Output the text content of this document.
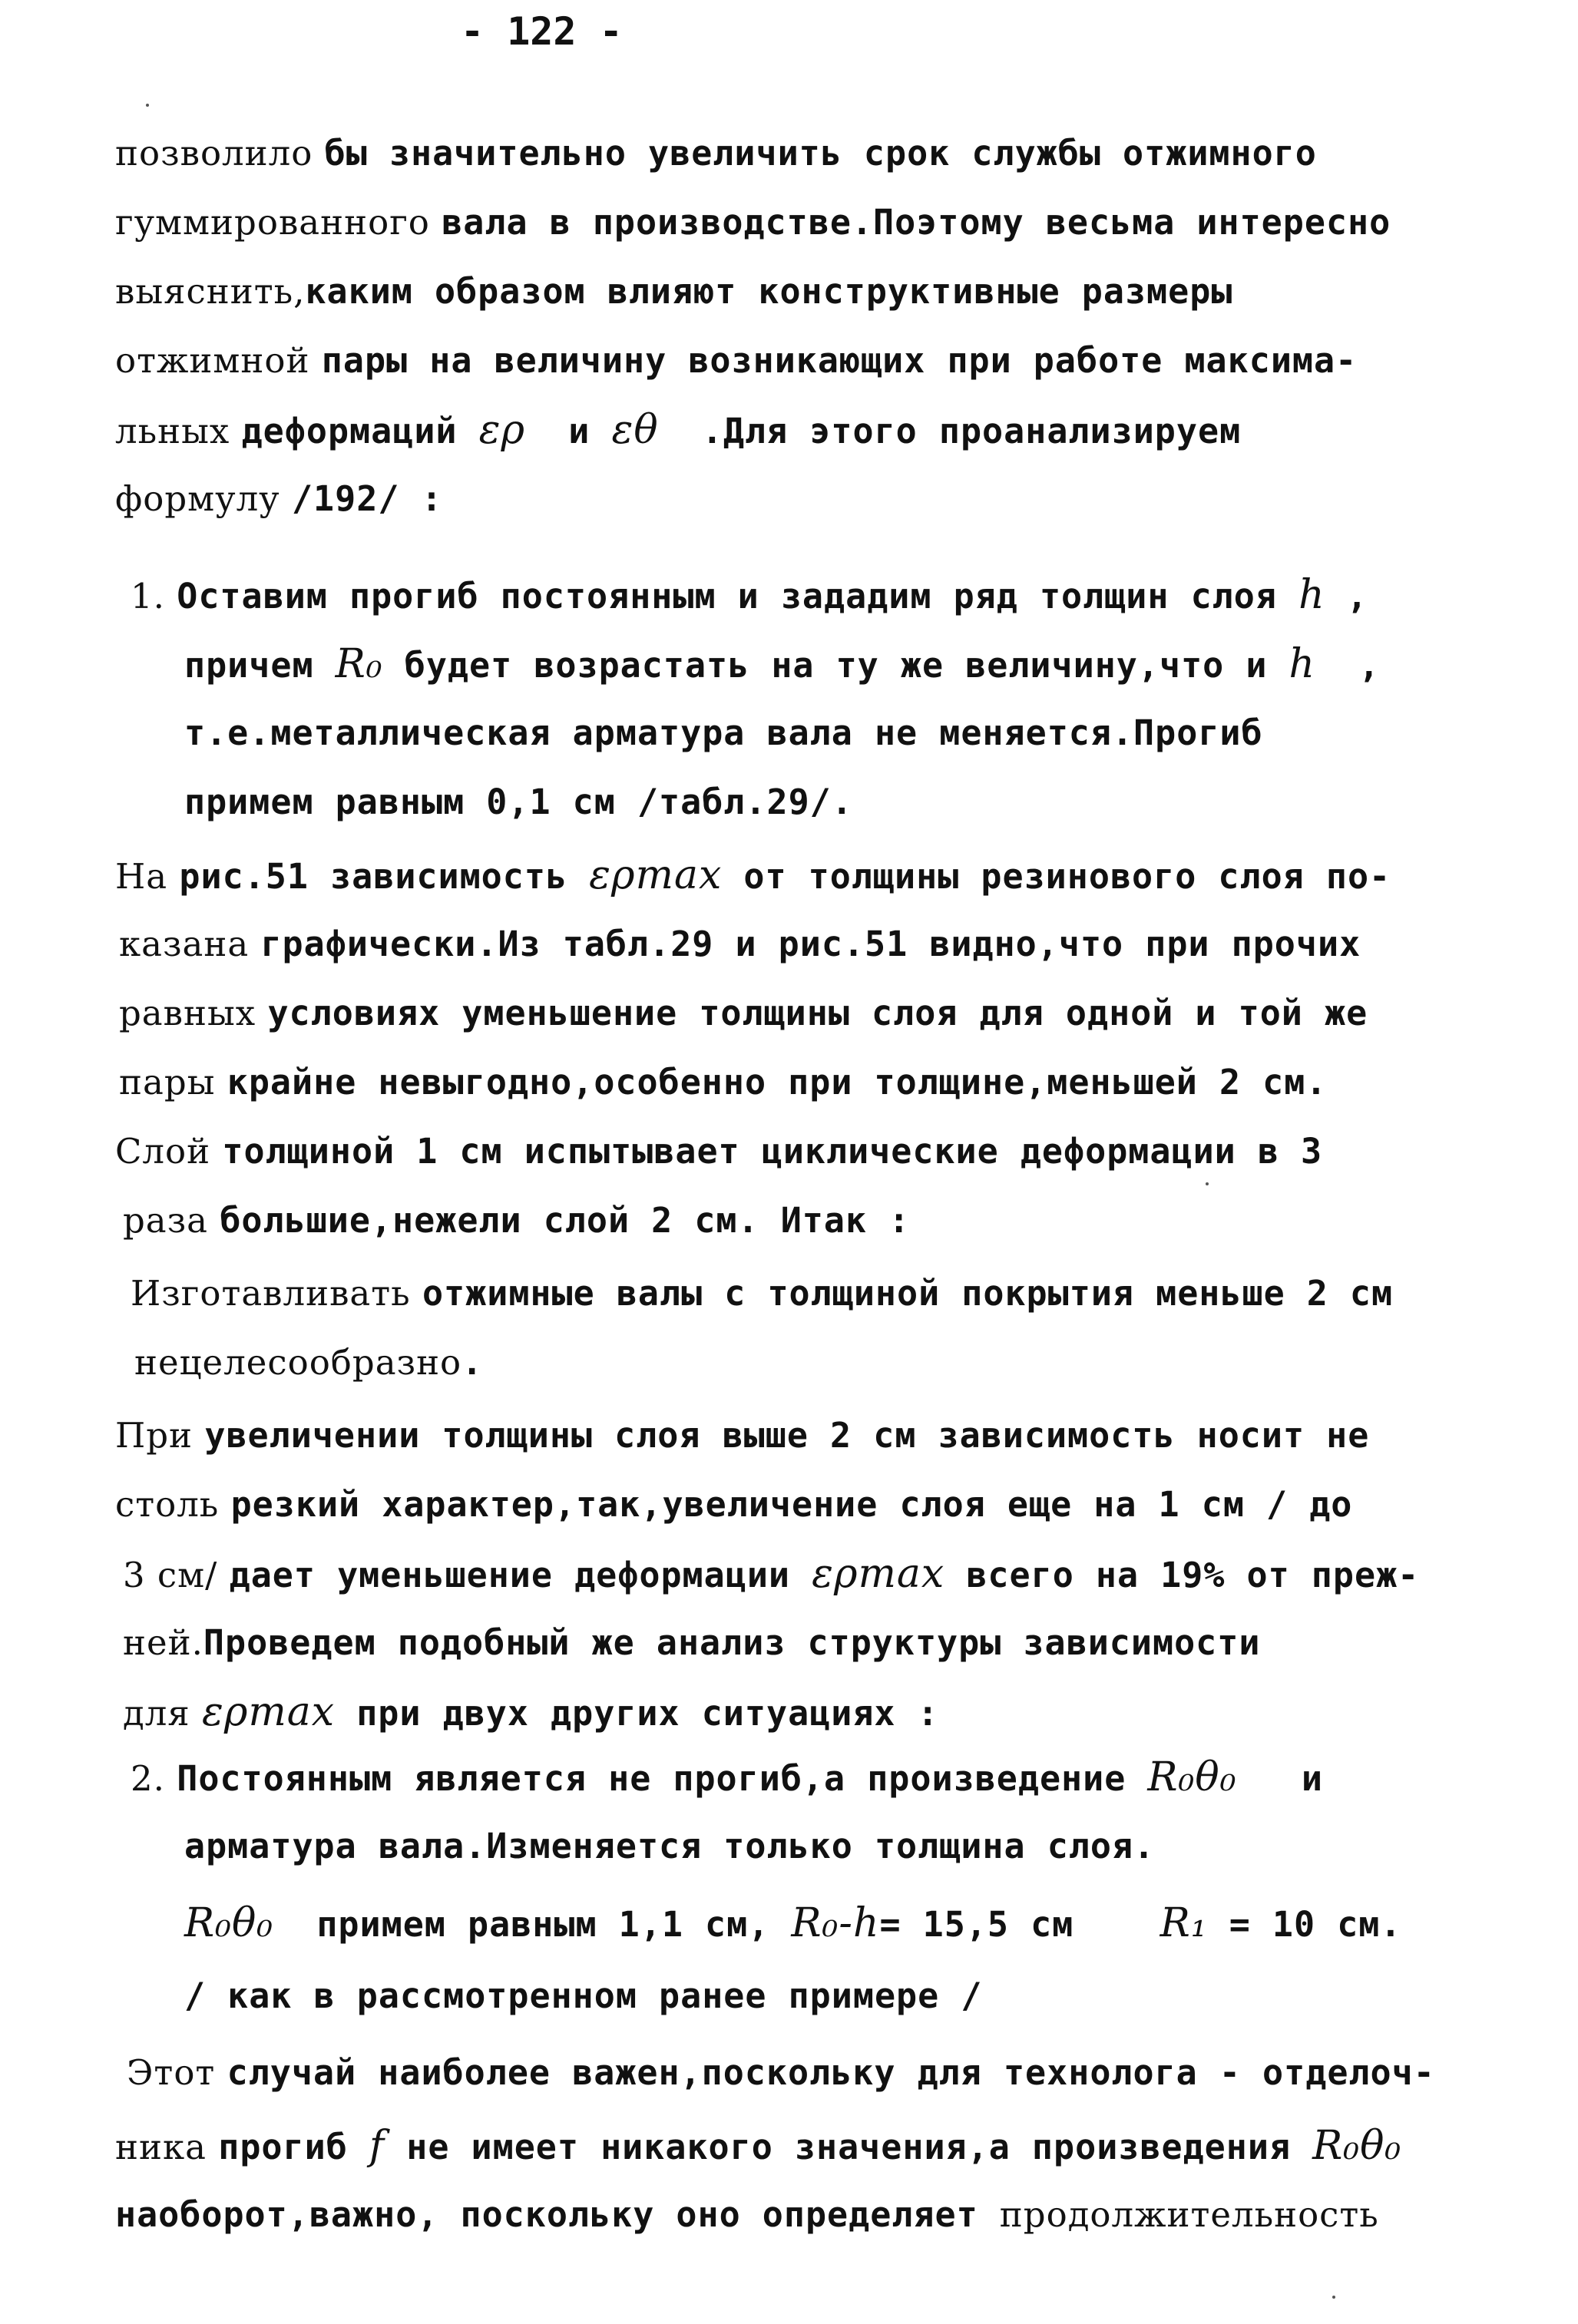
- 122 -
позволило бы значительно увеличить срок службы отжимного
гуммированного вала в производстве.Поэтому весьма интересно
выяснить,каким образом влияют конструктивные размеры
отжимной пары на величину возникающих при работе максима-
льных деформаций ερ  и εθ  .Для этого проанализируем
формулу /192/ :
1. Оставим прогиб постоянным и зададим ряд толщин слоя h ,
причем R₀ будет возрастать на ту же величину,что и h  ,
т.е.металлическая арматура вала не меняется.Прогиб
примем равным 0,1 см /табл.29/.
На рис.51 зависимость ερmax от толщины резинового слоя по-
казана графически.Из табл.29 и рис.51 видно,что при прочих
равных условиях уменьшение толщины слоя для одной и той же
пары крайне невыгодно,особенно при толщине,меньшей 2 см.
Слой толщиной 1 см испытывает циклические деформации в 3
раза большие,нежели слой 2 см. Итак :
Изготавливать отжимные валы с толщиной покрытия меньше 2 см
нецелесообразно.
При увеличении толщины слоя выше 2 см зависимость носит не
столь резкий характер,так,увеличение слоя еще на 1 см / до
3 см/ дает уменьшение деформации ερmax всего на 19% от преж-
ней.Проведем подобный же анализ структуры зависимости
для ερmax при двух других ситуациях :
2. Постоянным является не прогиб,а произведение R₀θ₀   и
арматура вала.Изменяется только толщина слоя.
R₀θ₀  примем равным 1,1 см, R₀-h= 15,5 см    R₁ = 10 см.
/ как в рассмотренном ранее примере /
Этот случай наиболее важен,поскольку для технолога - отделоч-
ника прогиб f не имеет никакого значения,а произведения R₀θ₀
наоборот,важно, поскольку оно определяет продолжительность
